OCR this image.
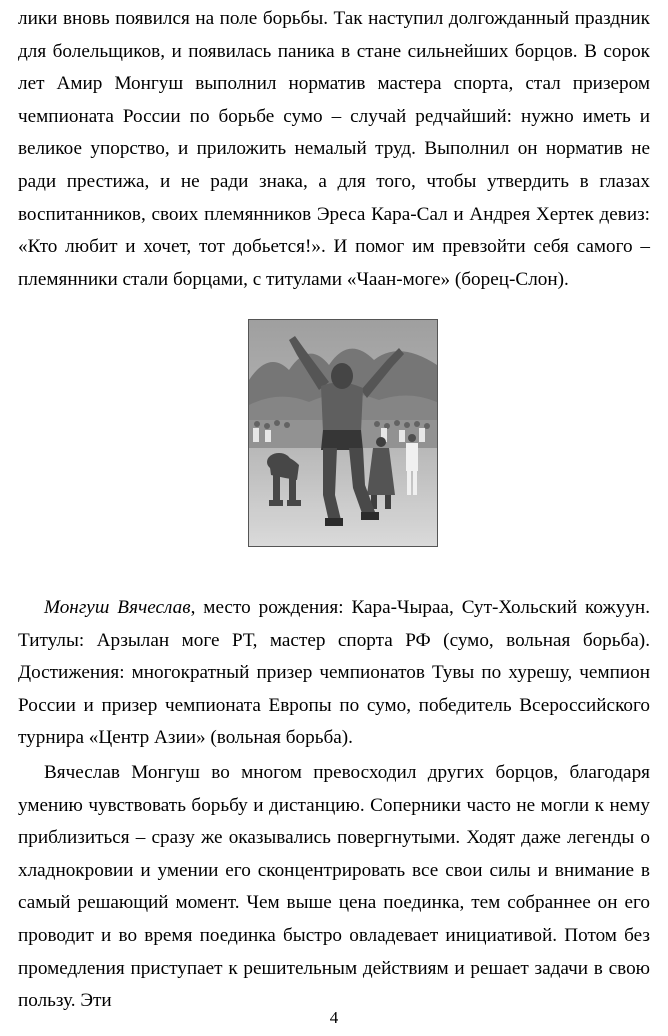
лики вновь появился на поле борьбы. Так наступил долгожданный праздник для болельщиков, и появилась паника в стане сильнейших борцов. В сорок лет Амир Монгуш выполнил норматив мастера спорта, стал призером чемпионата России по борьбе сумо – случай редчайший: нужно иметь и великое упорство, и приложить немалый труд. Выполнил он норматив не ради престижа, и не ради знака, а для того, чтобы утвердить в глазах воспитанников, своих племянников Эреса Кара-Сал и Андрея Хертек девиз: «Кто любит и хочет, тот добьется!». И помог им превзойти себя самого – племянники стали борцами, с титулами «Чаан-моге» (борец-Слон).

Монгуш Вячеслав, место рождения: Кара-Чыраа, Сут-Хольский кожуун. Титулы: Арзылан моге РТ, мастер спорта РФ (сумо, вольная борьба). Достижения: многократный призер чемпионатов Тувы по хурешу, чемпион России и призер чемпионата Европы по сумо, победитель Всероссийского турнира «Центр Азии» (вольная борьба).

Вячеслав Монгуш во многом превосходил других борцов, благодаря умению чувствовать борьбу и дистанцию. Соперники часто не могли к нему приблизиться – сразу же оказывались повергнутыми. Ходят даже легенды о хладнокровии и умении его сконцентрировать все свои силы и внимание в самый решающий момент. Чем выше цена поединка, тем собраннее он его проводит и во время поединка быстро овладевает инициативой. Потом без промедления приступает к решительным действиям и решает задачи в свою пользу. Эти

4
